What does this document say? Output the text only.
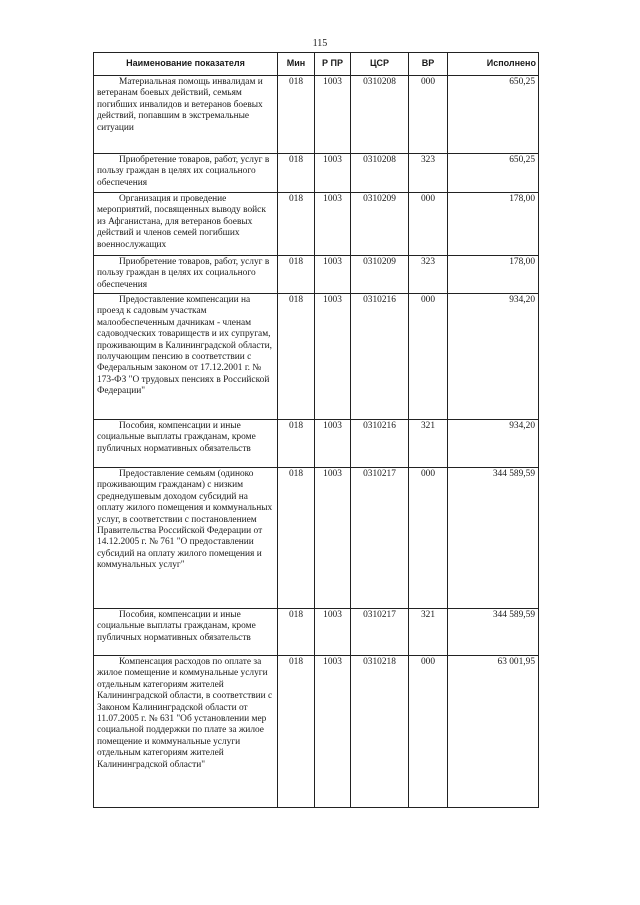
115
Наименование показателя	Мин	Р ПР	ЦСР	ВР	Исполнено

Материальная помощь инвалидам и ветеранам боевых действий, семьям погибших инвалидов и ветеранов боевых действий, попавшим в экстремальные ситуации	018	1003	0310208	000	650,25

Приобретение товаров, работ, услуг в пользу граждан в целях их социального обеспечения	018	1003	0310208	323	650,25

Организация и проведение мероприятий, посвященных выводу войск из Афганистана, для ветеранов боевых действий и членов семей погибших военнослужащих	018	1003	0310209	000	178,00

Приобретение товаров, работ, услуг в пользу граждан в целях их социального обеспечения	018	1003	0310209	323	178,00

Предоставление компенсации на проезд к садовым участкам малообеспеченным дачникам - членам садоводческих товариществ и их супругам, проживающим в Калининградской области, получающим пенсию в соответствии с Федеральным законом от 17.12.2001 г. № 173-ФЗ "О трудовых пенсиях в Российской Федерации"	018	1003	0310216	000	934,20

Пособия, компенсации и иные социальные выплаты гражданам, кроме публичных нормативных обязательств	018	1003	0310216	321	934,20

Предоставление семьям (одиноко проживающим гражданам) с низким среднедушевым доходом субсидий на оплату жилого помещения и коммунальных услуг, в соответствии с постановлением Правительства Российской Федерации от 14.12.2005 г. № 761 "О предоставлении субсидий на оплату жилого помещения и коммунальных услуг"	018	1003	0310217	000	344 589,59

Пособия, компенсации и иные социальные выплаты гражданам, кроме публичных нормативных обязательств	018	1003	0310217	321	344 589,59

Компенсация расходов по оплате за жилое помещение и коммунальные услуги отдельным категориям жителей Калининградской области, в соответствии с Законом Калининградской области от 11.07.2005 г. № 631 "Об установлении мер социальной поддержки по плате за жилое помещение и коммунальные услуги отдельным категориям жителей Калининградской области"	018	1003	0310218	000	63 001,95
